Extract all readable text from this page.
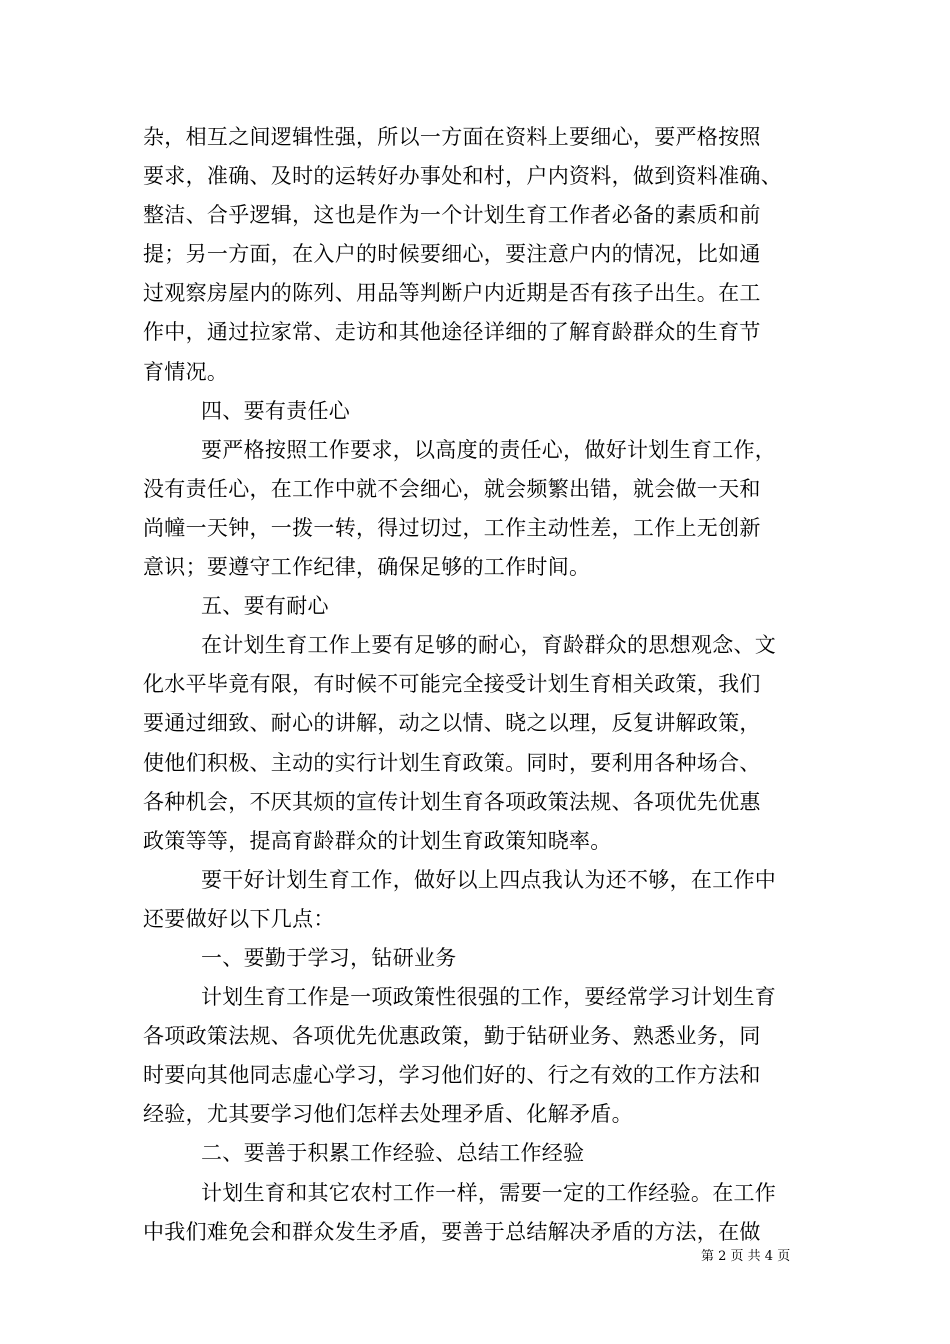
杂，相互之间逻辑性强，所以一方面在资料上要细心，要严格按照
要求，准确、及时的运转好办事处和村，户内资料，做到资料准确、
整洁、合乎逻辑，这也是作为一个计划生育工作者必备的素质和前
提；另一方面，在入户的时候要细心，要注意户内的情况，比如通
过观察房屋内的陈列、用品等判断户内近期是否有孩子出生。在工
作中，通过拉家常、走访和其他途径详细的了解育龄群众的生育节
育情况。
四、要有责任心
要严格按照工作要求，以高度的责任心，做好计划生育工作，
没有责任心，在工作中就不会细心，就会频繁出错，就会做一天和
尚幢一天钟，一拨一转，得过切过，工作主动性差，工作上无创新
意识；要遵守工作纪律，确保足够的工作时间。
五、要有耐心
在计划生育工作上要有足够的耐心，育龄群众的思想观念、文
化水平毕竟有限，有时候不可能完全接受计划生育相关政策，我们
要通过细致、耐心的讲解，动之以情、晓之以理，反复讲解政策，
使他们积极、主动的实行计划生育政策。同时，要利用各种场合、
各种机会，不厌其烦的宣传计划生育各项政策法规、各项优先优惠
政策等等，提高育龄群众的计划生育政策知晓率。
要干好计划生育工作，做好以上四点我认为还不够，在工作中
还要做好以下几点：
一、要勤于学习，钻研业务
计划生育工作是一项政策性很强的工作，要经常学习计划生育
各项政策法规、各项优先优惠政策，勤于钻研业务、熟悉业务，同
时要向其他同志虚心学习，学习他们好的、行之有效的工作方法和
经验，尤其要学习他们怎样去处理矛盾、化解矛盾。
二、要善于积累工作经验、总结工作经验
计划生育和其它农村工作一样，需要一定的工作经验。在工作
中我们难免会和群众发生矛盾，要善于总结解决矛盾的方法，在做
第 2 页 共 4 页
